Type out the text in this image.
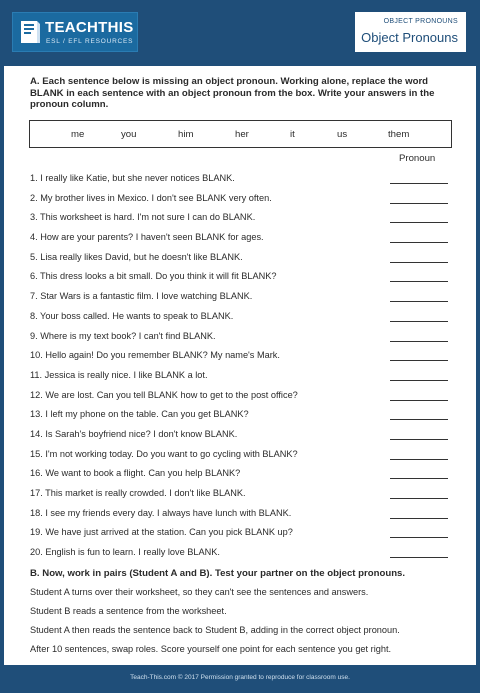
TEACHTHIS
ESL / EFL RESOURCES
OBJECT PRONOUNS
Object Pronouns
A. Each sentence below is missing an object pronoun. Working alone, replace the word BLANK in each sentence with an object pronoun from the box. Write your answers in the pronoun column.
me	you	him	her	it	us	them
Pronoun
1. I really like Katie, but she never notices BLANK.
2. My brother lives in Mexico. I don't see BLANK very often.
3. This worksheet is hard. I'm not sure I can do BLANK.
4. How are your parents? I haven't seen BLANK for ages.
5. Lisa really likes David, but he doesn't like BLANK.
6. This dress looks a bit small. Do you think it will fit BLANK?
7. Star Wars is a fantastic film. I love watching BLANK.
8. Your boss called. He wants to speak to BLANK.
9. Where is my text book? I can't find BLANK.
10. Hello again! Do you remember BLANK? My name's Mark.
11. Jessica is really nice. I like BLANK a lot.
12. We are lost. Can you tell BLANK how to get to the post office?
13. I left my phone on the table. Can you get BLANK?
14. Is Sarah's boyfriend nice? I don't know BLANK.
15. I'm not working today. Do you want to go cycling with BLANK?
16. We want to book a flight. Can you help BLANK?
17. This market is really crowded. I don't like BLANK.
18. I see my friends every day. I always have lunch with BLANK.
19. We have just arrived at the station. Can you pick BLANK up?
20. English is fun to learn. I really love BLANK.
B. Now, work in pairs (Student A and B). Test your partner on the object pronouns.
Student A turns over their worksheet, so they can't see the sentences and answers.
Student B reads a sentence from the worksheet.
Student A then reads the sentence back to Student B, adding in the correct object pronoun.
After 10 sentences, swap roles. Score yourself one point for each sentence you get right.
Teach-This.com © 2017 Permission granted to reproduce for classroom use.
